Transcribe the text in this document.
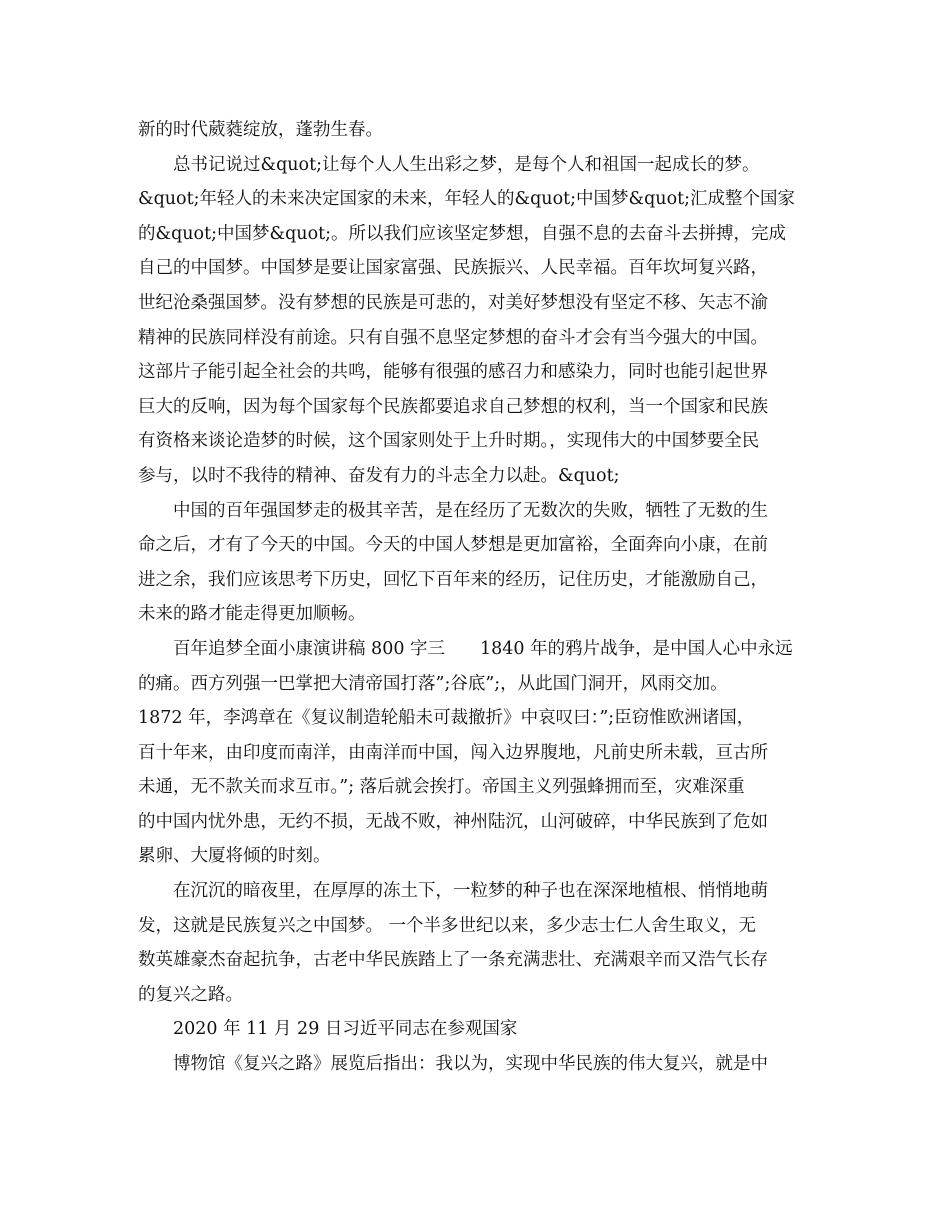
新的时代葳蕤绽放，蓬勃生春。
　　总书记说过&quot;让每个人人生出彩之梦，是每个人和祖国一起成长的梦。
&quot;年轻人的未来决定国家的未来，年轻人的&quot;中国梦&quot;汇成整个国家
的&quot;中国梦&quot;。所以我们应该坚定梦想，自强不息的去奋斗去拼搏，完成
自己的中国梦。中国梦是要让国家富强、民族振兴、人民幸福。百年坎坷复兴路，
世纪沧桑强国梦。没有梦想的民族是可悲的，对美好梦想没有坚定不移、矢志不渝
精神的民族同样没有前途。只有自强不息坚定梦想的奋斗才会有当今强大的中国。
这部片子能引起全社会的共鸣，能够有很强的感召力和感染力，同时也能引起世界
巨大的反响，因为每个国家每个民族都要追求自己梦想的权利，当一个国家和民族
有资格来谈论造梦的时候，这个国家则处于上升时期。，实现伟大的中国梦要全民
参与，以时不我待的精神、奋发有力的斗志全力以赴。&quot;
　　中国的百年强国梦走的极其辛苦，是在经历了无数次的失败，牺牲了无数的生
命之后，才有了今天的中国。今天的中国人梦想是更加富裕，全面奔向小康，在前
进之余，我们应该思考下历史，回忆下百年来的经历，记住历史，才能激励自己，
未来的路才能走得更加顺畅。
　　百年追梦全面小康演讲稿 800 字三　　1840 年的鸦片战争，是中国人心中永远
的痛。西方列强一巴掌把大清帝国打落”;谷底”;，从此国门洞开，风雨交加。
1872 年，李鸿章在《复议制造轮船未可裁撤折》中哀叹曰：”;臣窃惟欧洲诸国，
百十年来，由印度而南洋，由南洋而中国，闯入边界腹地，凡前史所未载，亘古所
未通，无不款关而求互市。”; 落后就会挨打。帝国主义列强蜂拥而至，灾难深重
的中国内忧外患，无约不损，无战不败，神州陆沉，山河破碎，中华民族到了危如
累卵、大厦将倾的时刻。
　　在沉沉的暗夜里，在厚厚的冻土下，一粒梦的种子也在深深地植根、悄悄地萌
发，这就是民族复兴之中国梦。 一个半多世纪以来，多少志士仁人舍生取义，无
数英雄豪杰奋起抗争，古老中华民族踏上了一条充满悲壮、充满艰辛而又浩气长存
的复兴之路。
　　2020 年 11 月 29 日习近平同志在参观国家
　　博物馆《复兴之路》展览后指出：我以为，实现中华民族的伟大复兴，就是中
